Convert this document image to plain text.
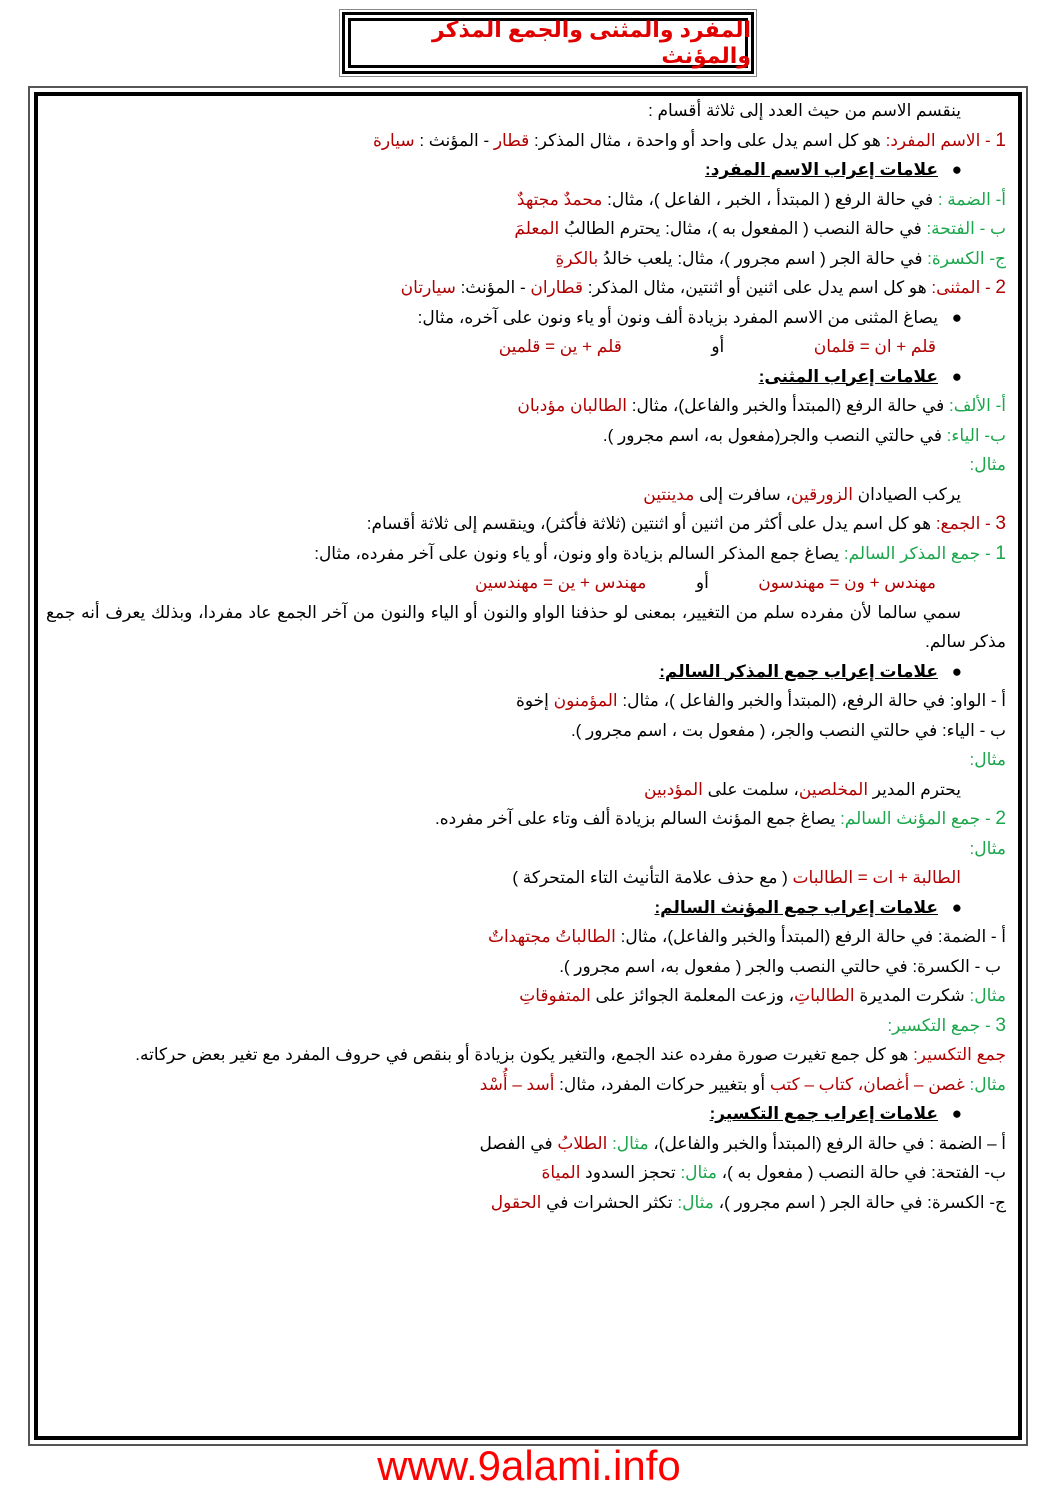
المفرد والمثنى والجمع المذكر والمؤنث
ينقسم الاسم من حيث العدد إلى ثلاثة أقسام :
1 - الاسم المفرد: هو كل اسم يدل على واحد أو واحدة ، مثال المذكر: قطار - المؤنث : سيارة
●
علامات إعراب الاسم المفرد:
أ- الضمة : في حالة الرفع ( المبتدأ ، الخبر ، الفاعل )، مثال: محمدٌ مجتهدٌ
ب - الفتحة: في حالة النصب ( المفعول به )، مثال: يحترم الطالبُ المعلمَ
ج- الكسرة: في حالة الجر ( اسم مجرور )، مثال: يلعب خالدُ بالكرةِ
2 - المثنى: هو كل اسم يدل على اثنين أو اثنتين، مثال المذكر: قطاران - المؤنث: سيارتان
●
يصاغ المثنى من الاسم المفرد بزيادة ألف ونون أو ياء ونون على آخره، مثال:
قلم + ان = قلمان  أو  قلم + ين = قلمين
●
علامات إعراب المثنى:
أ- الألف: في حالة الرفع (المبتدأ والخبر والفاعل)، مثال: الطالبان مؤدبان
ب- الياء: في حالتي النصب والجر(مفعول به، اسم مجرور ).
مثال:
يركب الصيادان الزورقين، سافرت إلى مدينتين
3 - الجمع: هو كل اسم يدل على أكثر من اثنين أو اثنتين (ثلاثة فأكثر)، وينقسم إلى ثلاثة أقسام:
1 - جمع المذكر السالم: يصاغ جمع المذكر السالم بزيادة واو ونون، أو ياء ونون على آخر مفرده، مثال:
مهندس + ون = مهندسون  أو  مهندس + ين = مهندسين
سمي سالما لأن مفرده سلم من التغيير، بمعنى لو حذفنا الواو والنون أو الياء والنون من آخر الجمع عاد مفردا، وبذلك يعرف أنه جمع مذكر سالم.
●
علامات إعراب جمع المذكر السالم:
أ - الواو: في حالة الرفع، (المبتدأ والخبر والفاعل )، مثال: المؤمنون إخوة
ب - الياء: في حالتي النصب والجر، ( مفعول بت ، اسم مجرور ).
مثال:
يحترم المدير المخلصين، سلمت على المؤدبين
2 - جمع المؤنث السالم: يصاغ جمع المؤنث السالم بزيادة ألف وتاء على آخر مفرده.
مثال:
الطالبة + ات = الطالبات ( مع حذف علامة التأنيث التاء المتحركة )
●
علامات إعراب جمع المؤنث السالم:
أ - الضمة: في حالة الرفع (المبتدأ والخبر والفاعل)، مثال: الطالباتُ مجتهداتٌ
ب - الكسرة: في حالتي النصب والجر ( مفعول به، اسم مجرور ).
مثال: شكرت المديرة الطالباتِ، وزعت المعلمة الجوائز على المتفوقاتِ
3 - جمع التكسير:
جمع التكسير: هو كل جمع تغيرت صورة مفرده عند الجمع، والتغير يكون بزيادة أو بنقص في حروف المفرد مع تغير بعض حركاته.
مثال: غصن – أغصان، كتاب – كتب أو بتغيير حركات المفرد، مثال: أسد – أُسْد
●
علامات إعراب جمع التكسير:
أ – الضمة : في حالة الرفع (المبتدأ والخبر والفاعل)، مثال: الطلابُ في الفصل
ب- الفتحة: في حالة النصب ( مفعول به )، مثال: تحجز السدود المياهَ
ج- الكسرة: في حالة الجر ( اسم مجرور )، مثال: تكثر الحشرات في الحقول
www.9alami.info
